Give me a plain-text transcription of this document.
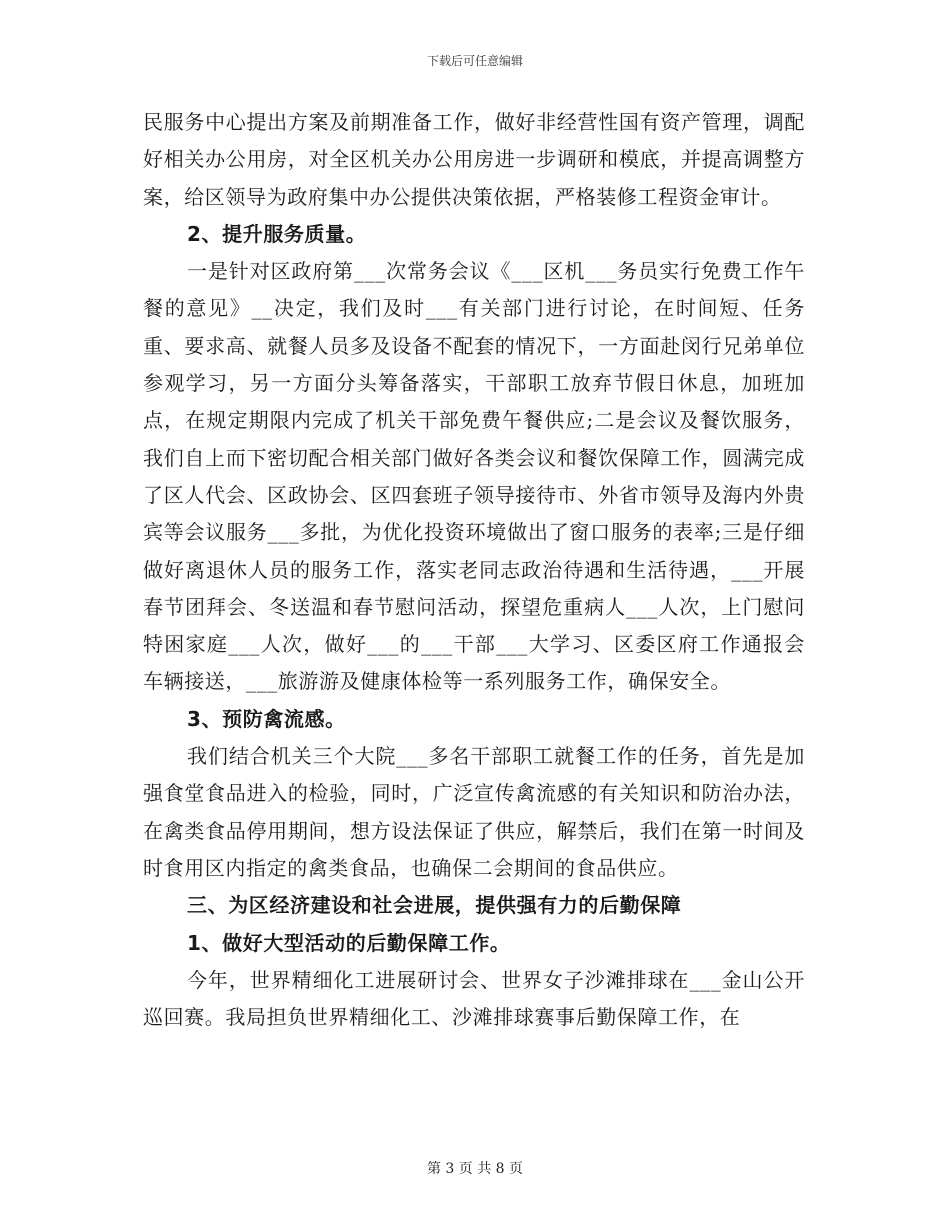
下载后可任意编辑

民服务中心提出方案及前期准备工作，做好非经营性国有资产管理，调配好相关办公用房，对全区机关办公用房进一步调研和模底，并提高调整方案，给区领导为政府集中办公提供决策依据，严格装修工程资金审计。

2、提升服务质量。

一是针对区政府第___次常务会议《___区机___务员实行免费工作午餐的意见》__决定，我们及时___有关部门进行讨论，在时间短、任务重、要求高、就餐人员多及设备不配套的情况下，一方面赴闵行兄弟单位参观学习，另一方面分头筹备落实，干部职工放弃节假日休息，加班加点，在规定期限内完成了机关干部免费午餐供应;二是会议及餐饮服务，我们自上而下密切配合相关部门做好各类会议和餐饮保障工作，圆满完成了区人代会、区政协会、区四套班子领导接待市、外省市领导及海内外贵宾等会议服务___多批，为优化投资环境做出了窗口服务的表率;三是仔细做好离退休人员的服务工作，落实老同志政治待遇和生活待遇，___开展春节团拜会、冬送温和春节慰问活动，探望危重病人___人次，上门慰问特困家庭___人次，做好___的___干部___大学习、区委区府工作通报会车辆接送，___旅游游及健康体检等一系列服务工作，确保安全。

3、预防禽流感。

我们结合机关三个大院___多名干部职工就餐工作的任务，首先是加强食堂食品进入的检验，同时，广泛宣传禽流感的有关知识和防治办法，在禽类食品停用期间，想方设法保证了供应，解禁后，我们在第一时间及时食用区内指定的禽类食品，也确保二会期间的食品供应。

三、为区经济建设和社会进展，提供强有力的后勤保障

1、做好大型活动的后勤保障工作。

今年，世界精细化工进展研讨会、世界女子沙滩排球在___金山公开巡回赛。我局担负世界精细化工、沙滩排球赛事后勤保障工作，在

第 3 页 共 8 页
